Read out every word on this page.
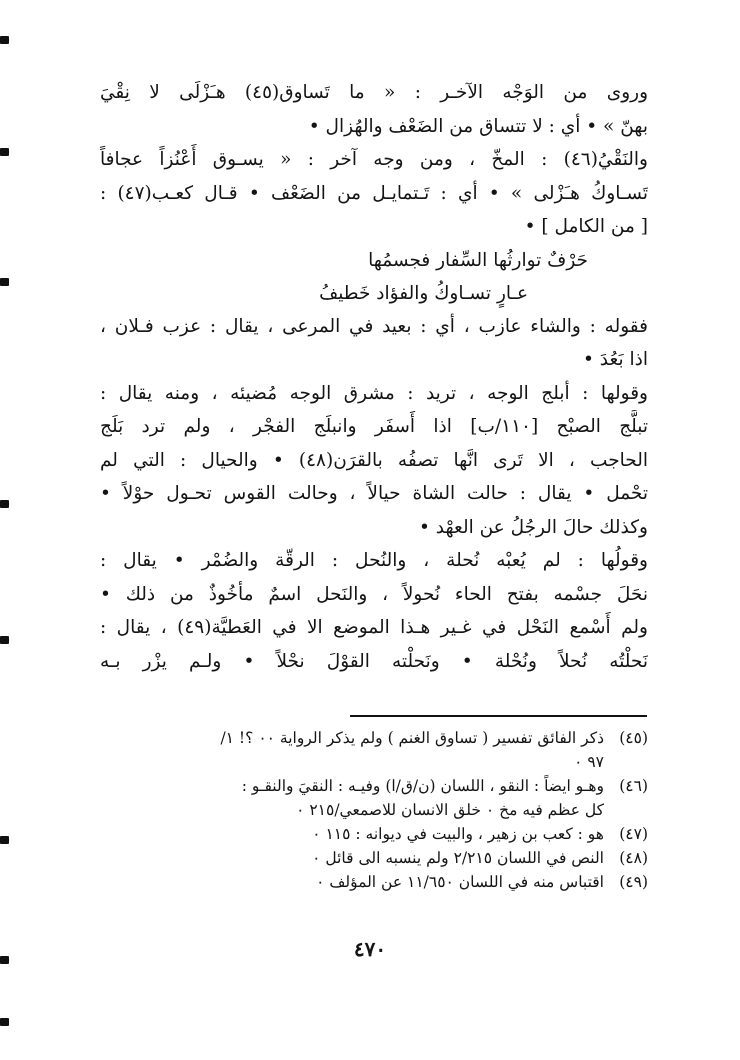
وروى من الوَجْه الآخـر : « ما تَساوق(٤٥) هـَزْلَى لا نِقْيَ
بهنّ » • أي : لا تتساق من الضَعْف والهُزال •
والنَقْيُ(٤٦) : المخّ ، ومن وجه آخر : « يسـوق أَعْنُزاً عجافاً
تَسـاوكُ هـَزْلى » • أي : تَـتمايـل من الضَعْف • قـال كعـب(٤٧) :
[ من الكامل ] •
حَرْفٌ توارثُها السِّفار فجسمُها
عـارٍ تسـاوكُ والفؤاد خَطيفُ
فقوله : والشاء عازب ، أي : بعيد في المرعى ، يقال : عزب فـلان ،
اذا بَعُدَ •
وقولها : أبلج الوجه ، تريد : مشرق الوجه مُضيئه ، ومنه يقال :
تبلَّج الصبْح [١١٠/ب] اذا أَسفَر وانبلَج الفجْر ، ولم ترد بَلَج
الحاجب ، الا تَرى انَّها تصفُه بالقرَن(٤٨) • والحيال : التي لم
تحْمل • يقال : حالت الشاة حيالاً ، وحالت القوس تحـول حوْلاً •
وكذلك حالَ الرجُلُ عن العهْد •
وقولُها : لم يُعبْه نُحلة ، والنُحل : الرقّة والضُمْر • يقال :
نحَلَ جسْمه بفتح الحاء نُحولاً ، والنَحل اسمٌ مأخُوذٌ من ذلك •
ولم أَسْمع النَحْل في غـير هـذا الموضع الا في العَطيَّة(٤٩) ، يقال :
نَحلْتُه نُحلاً ونُحْلة • ونَحلْته القوْلَ نحْلاً • ولـم يزْر بـه
(٤٥)
ذكر الفائق تفسير ( تساوق الغنم ) ولم يذكر الرواية ٠٠ ؟! ١/
٩٧ ٠
(٤٦)
وهـو ايضاً : النقو ، اللسان (ن/ق/ا) وفيـه : النقيَ والنقـو :
كل عظم فيه مخ ٠ خلق الانسان للاصمعي/٢١٥ ٠
(٤٧)
هو : كعب بن زهير ، والبيت في ديوانه : ١١٥ ٠
(٤٨)
النص في اللسان ٢/٢١٥ ولم ينسبه الى قائل ٠
(٤٩)
اقتباس منه في اللسان ١١/٦٥٠ عن المؤلف ٠
٤٧٠
